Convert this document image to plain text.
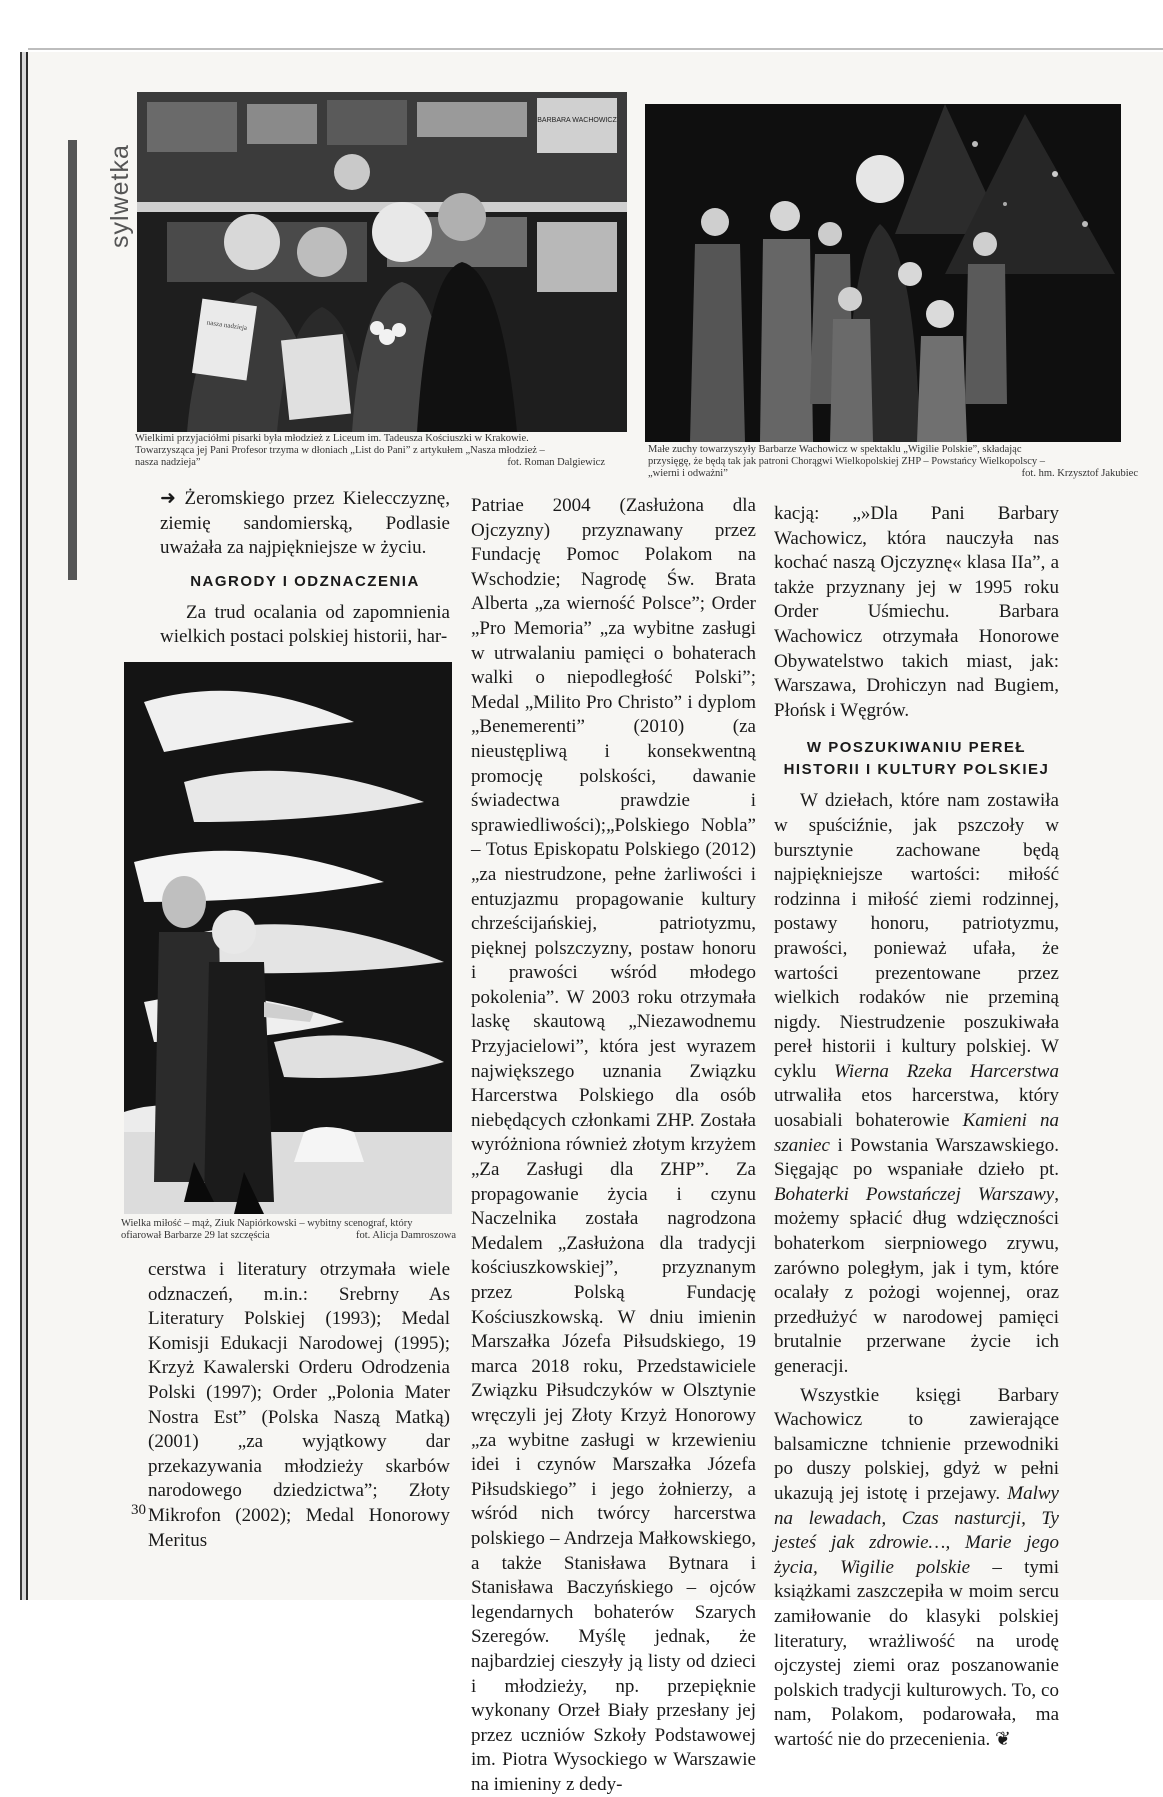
sylwetka
BARBARA WACHOWICZ
nasza nadzieja
Wielkimi przyjaciółmi pisarki była młodzież z Liceum im. Tadeusza Kościuszki w Krakowie.
Towarzysząca jej Pani Profesor trzyma w dłoniach „List do Pani” z artykułem „Nasza młodzież –
nasza nadzieja”	fot. Roman Dalgiewicz
Małe zuchy towarzyszyły Barbarze Wachowicz w spektaklu „Wigilie Polskie”, składając
przysięgę, że będą tak jak patroni Chorągwi Wielkopolskiej ZHP – Powstańcy Wielkopolscy –
„wierni i odważni”	fot. hm. Krzysztof Jakubiec
Wielka miłość – mąż, Ziuk Napiórkowski – wybitny scenograf, który
ofiarował Barbarze 29 lat szczęścia	fot. Alicja Damroszowa

➜ Żeromskiego przez Kielecczyznę, ziemię sandomierską, Podlasie uważała za najpiękniejsze w życiu.

NAGRODY I ODZNACZENIA

Za trud ocalania od zapomnienia wielkich postaci polskiej historii, har-

cerstwa i literatury otrzymała wiele odznaczeń, m.in.: Srebrny As Literatury Polskiej (1993); Medal Komisji Edukacji Narodowej (1995); Krzyż Kawalerski Orderu Odrodzenia Polski (1997); Order „Polonia Mater Nostra Est” (Polska Naszą Matką) (2001) „za wyjątkowy dar przekazywania młodzieży skarbów narodowego dziedzictwa”; Złoty Mikrofon (2002); Medal Honorowy Meritus

Patriae 2004 (Zasłużona dla Ojczyzny) przyznawany przez Fundację Pomoc Polakom na Wschodzie; Nagrodę Św. Brata Alberta „za wierność Polsce”; Order „Pro Memoria” „za wybitne zasługi w utrwalaniu pamięci o bohaterach walki o niepodległość Polski”; Medal „Milito Pro Christo” i dyplom „Benemerenti” (2010) (za nieustępliwą i konsekwentną promocję polskości, dawanie świadectwa prawdzie i sprawiedliwości);„Polskiego Nobla” – Totus Episkopatu Polskiego (2012) „za niestrudzone, pełne żarliwości i entuzjazmu propagowanie kultury chrześcijańskiej, patriotyzmu, pięknej polszczyzny, postaw honoru i prawości wśród młodego pokolenia”. W 2003 roku otrzymała laskę skautową „Niezawodnemu Przyjacielowi”, która jest wyrazem największego uznania Związku Harcerstwa Polskiego dla osób niebędących członkami ZHP. Została wyróżniona również złotym krzyżem „Za Zasługi dla ZHP”. Za propagowanie życia i czynu Naczelnika została nagrodzona Medalem „Zasłużona dla tradycji kościuszkowskiej”, przyznanym przez Polską Fundację Kościuszkowską. W dniu imienin Marszałka Józefa Piłsudskiego, 19 marca 2018 roku, Przedstawiciele Związku Piłsudczyków w Olsztynie wręczyli jej Złoty Krzyż Honorowy „za wybitne zasługi w krzewieniu idei i czynów Marszałka Józefa Piłsudskiego” i jego żołnierzy, a wśród nich twórcy harcerstwa polskiego – Andrzeja Małkowskiego, a także Stanisława Bytnara i Stanisława Baczyńskiego – ojców legendarnych bohaterów Szarych Szeregów. Myślę jednak, że najbardziej cieszyły ją listy od dzieci i młodzieży, np. przepięknie wykonany Orzeł Biały przesłany jej przez uczniów Szkoły Podstawowej im. Piotra Wysockiego w Warszawie na imieniny z dedy-

kacją: „»Dla Pani Barbary Wachowicz, która nauczyła nas kochać naszą Ojczyznę« klasa IIa”, a także przyznany jej w 1995 roku Order Uśmiechu. Barbara Wachowicz otrzymała Honorowe Obywatelstwo takich miast, jak: Warszawa, Drohiczyn nad Bugiem, Płońsk i Węgrów.

W POSZUKIWANIU PEREŁ
HISTORII I KULTURY POLSKIEJ

W dziełach, które nam zostawiła w spuściźnie, jak pszczoły w bursztynie zachowane będą najpiękniejsze wartości: miłość rodzinna i miłość ziemi rodzinnej, postawy honoru, patriotyzmu, prawości, ponieważ ufała, że wartości prezentowane przez wielkich rodaków nie przeminą nigdy. Niestrudzenie poszukiwała pereł historii i kultury polskiej. W cyklu Wierna Rzeka Harcerstwa utrwaliła etos harcerstwa, który uosabiali bohaterowie Kamieni na szaniec i Powstania Warszawskiego. Sięgając po wspaniałe dzieło pt. Bohaterki Powstańczej Warszawy, możemy spłacić dług wdzięczności bohaterkom sierpniowego zrywu, zarówno poległym, jak i tym, które ocalały z pożogi wojennej, oraz przedłużyć w narodowej pamięci brutalnie przerwane życie ich generacji.

Wszystkie księgi Barbary Wachowicz to zawierające balsamiczne tchnienie przewodniki po duszy polskiej, gdyż w pełni ukazują jej istotę i przejawy. Malwy na lewadach, Czas nasturcji, Ty jesteś jak zdrowie…, Marie jego życia, Wigilie polskie – tymi książkami zaszczepiła w moim sercu zamiłowanie do klasyki polskiej literatury, wrażliwość na urodę ojczystej ziemi oraz poszanowanie polskich tradycji kulturowych. To, co nam, Polakom, podarowała, ma wartość nie do przecenienia. ❦

30
